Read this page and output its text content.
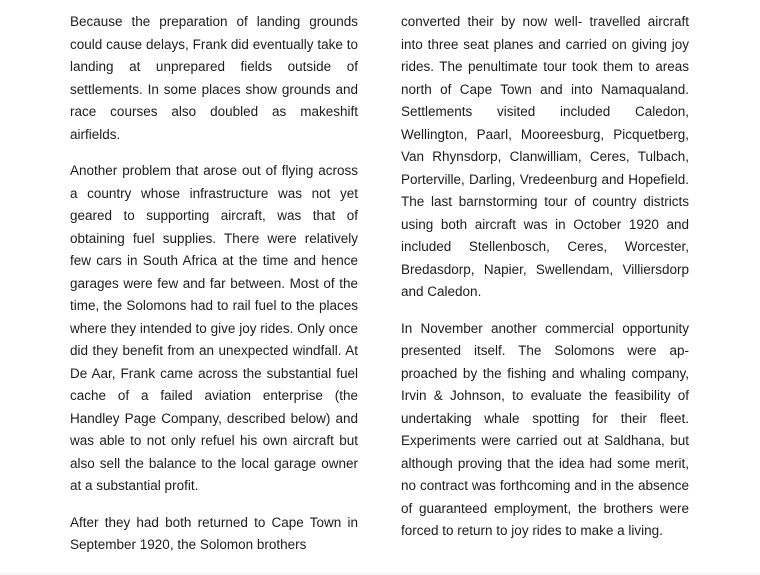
Because the preparation of landing grounds could cause delays, Frank did eventually take to landing at unprepared fields outside of settlements. In some places show grounds and race courses also doubled as makeshift airfields.

Another problem that arose out of flying across a country whose infrastructure was not yet geared to supporting aircraft, was that of obtaining fuel supplies. There were relatively few cars in South Africa at the time and hence garages were few and far between. Most of the time, the Solomons had to rail fuel to the places where they intended to give joy rides. Only once did they benefit from an unexpected windfall. At De Aar, Frank came across the substantial fuel cache of a failed aviation enterprise (the Handley Page Company, described below) and was able to not only refuel his own aircraft but also sell the balance to the local garage owner at a substantial profit.

After they had both returned to Cape Town in September 1920, the Solomon brothers

converted their by now well- travelled aircraft into three seat planes and carried on giving joy rides. The penultimate tour took them to areas north of Cape Town and into Namaqualand. Settlements visited included Caledon, Wellington, Paarl, Mooreesburg, Picquetberg, Van Rhynsdorp, Clanwilliam, Ceres, Tulbach, Porterville, Darling, Vredeenburg and Hopefield. The last barnstorming tour of country districts using both aircraft was in October 1920 and included Stellenbosch, Ceres, Worcester, Bredasdorp, Napier, Swellendam, Villiersdorp and Caledon.

In November another commercial opportunity presented itself. The Solomons were approached by the fishing and whaling company, Irvin & Johnson, to evaluate the feasibility of undertaking whale spotting for their fleet. Experiments were carried out at Saldhana, but although proving that the idea had some merit, no contract was forthcoming and in the absence of guaranteed employment, the brothers were forced to return to joy rides to make a living.
